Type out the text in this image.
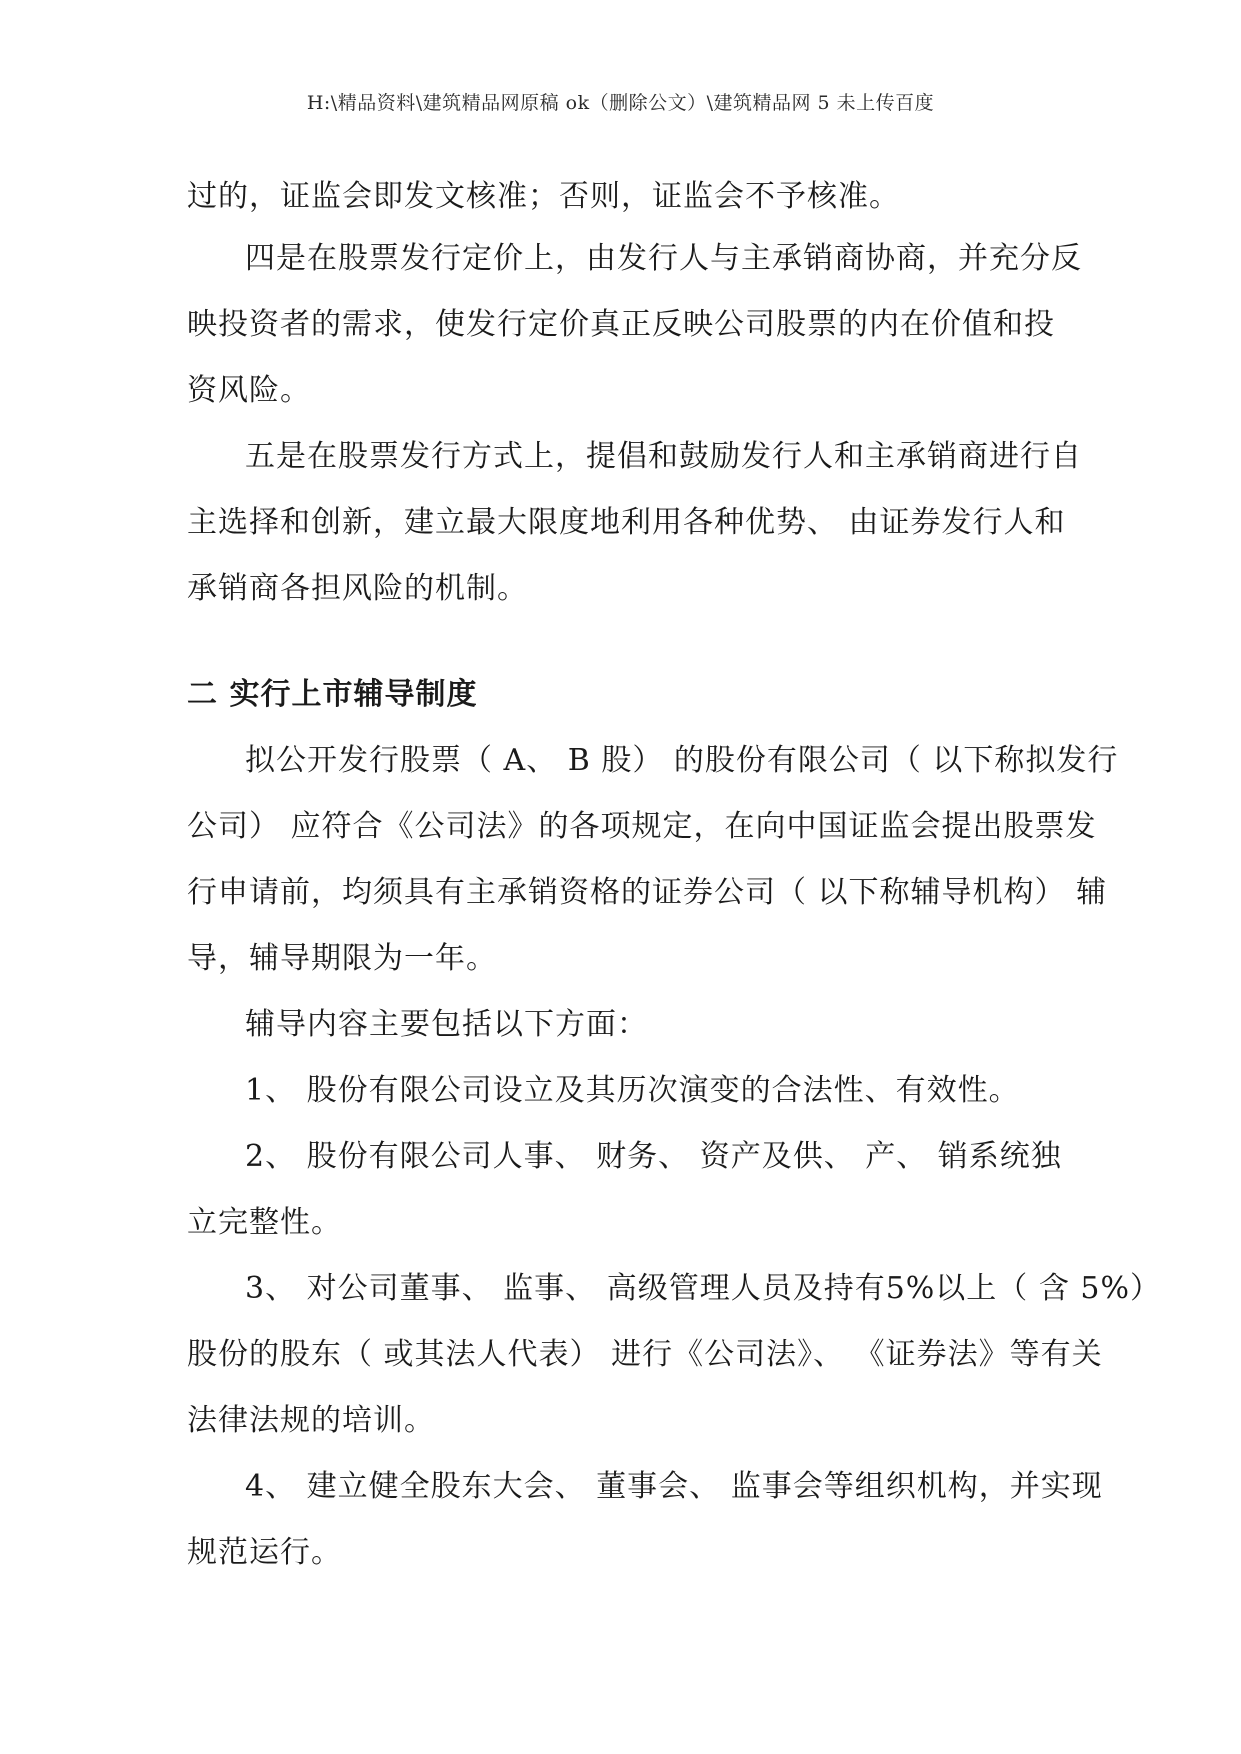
H:\精品资料\建筑精品网原稿 ok（删除公文）\建筑精品网 5 未上传百度
过的，证监会即发文核准；否则，证监会不予核准。
四是在股票发行定价上，由发行人与主承销商协商，并充分反
映投资者的需求，使发行定价真正反映公司股票的内在价值和投
资风险。
五是在股票发行方式上，提倡和鼓励发行人和主承销商进行自
主选择和创新，建立最大限度地利用各种优势、 由证券发行人和
承销商各担风险的机制。
二 实行上市辅导制度
拟公开发行股票（ A、 B 股） 的股份有限公司（ 以下称拟发行
公司） 应符合《公司法》的各项规定，在向中国证监会提出股票发
行申请前，均须具有主承销资格的证券公司（ 以下称辅导机构） 辅
导，辅导期限为一年。
辅导内容主要包括以下方面：
1、 股份有限公司设立及其历次演变的合法性、有效性。
2、 股份有限公司人事、 财务、 资产及供、 产、 销系统独
立完整性。
3、 对公司董事、 监事、 高级管理人员及持有5%以上（ 含 5%）
股份的股东（ 或其法人代表） 进行《公司法》、 《证券法》等有关
法律法规的培训。
4、 建立健全股东大会、 董事会、 监事会等组织机构，并实现
规范运行。
